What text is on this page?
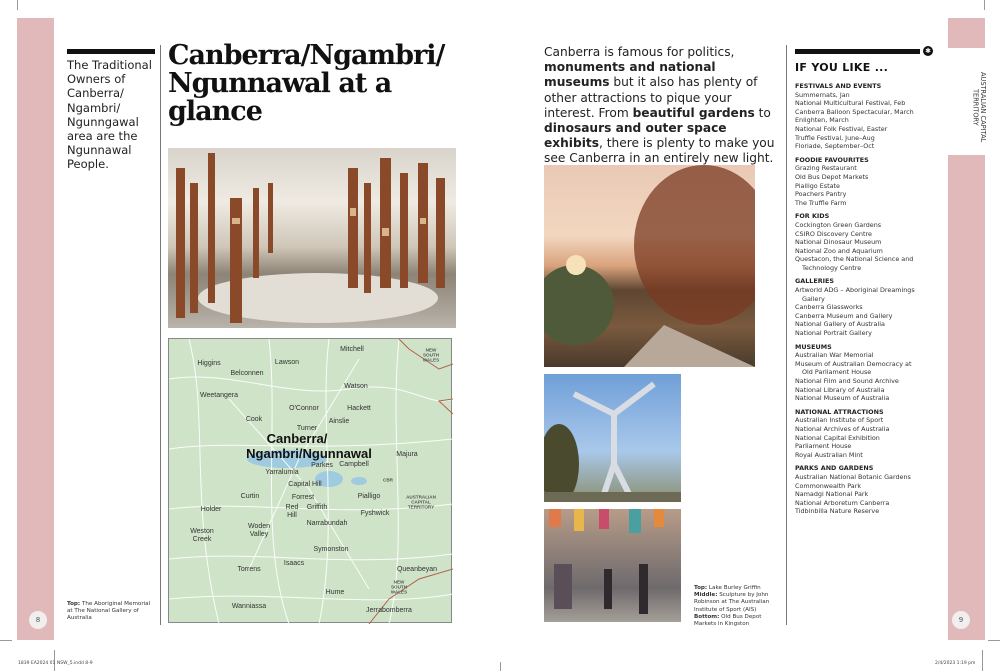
AUSTRALIAN CAPITAL TERRITORY
8	9
The Traditional Owners of Canberra/ Ngambri/ Ngunngawal area are the Ngunnawal People.
Canberra/Ngambri/ Ngunnawal at a glance
Mitchell	NEW SOUTH WALES
Higgins	Lawson
Belconnen
Watson
Weetangera
O'Connor	Hackett
Cook	Ainslie
Turner
Canberra/
Ngambri/Ngunnawal	Majura
Parkes Campbell
Yarralumla
Capital Hill
CBR
Curtin	Forrest	Pialligo	AUSTRALIAN CAPITAL TERRITORY
Holder	Red Hill
Griffith
Fyshwick
Narrabundah
Weston Creek
Woden Valley
Symonston
Isaacs
Torrens	Queanbeyan
NEW SOUTH WALES
Hume
Wanniassa
Jerrabomberra
Top: The Aboriginal Memorial at The National Gallery of Australia
Canberra is famous for politics, monuments and national museums but it also has plenty of other attractions to pique your interest. From beautiful gardens to dinosaurs and outer space exhibits, there is plenty to make you see Canberra in an entirely new light.
Top: Lake Burley Griffin Middle: Sculpture by John Robinson at The Australian Institute of Sport (AIS) Bottom: Old Bus Depot Markets in Kingston
✱
IF YOU LIKE ...
FESTIVALS AND EVENTS
Summernats, Jan
National Multicultural Festival, Feb
Canberra Balloon Spectacular, March
Enlighten, March
National Folk Festival, Easter
Truffle Festival, June–Aug
Floriade, September–Oct
FOODIE FAVOURITES
Grazing Restaurant
Old Bus Depot Markets
Pialligo Estate
Poachers Pantry
The Truffle Farm
FOR KIDS
Cockington Green Gardens
CSIRO Discovery Centre
National Dinosaur Museum
National Zoo and Aquarium
Questacon, the National Science and
Technology Centre
GALLERIES
Artworld ADG – Aboriginal Dreamings
Gallery
Canberra Glassworks
Canberra Museum and Gallery
National Gallery of Australia
National Portrait Gallery
MUSEUMS
Australian War Memorial
Museum of Australian Democracy at
Old Parliament House
National Film and Sound Archive
National Library of Australia
National Museum of Australia
NATIONAL ATTRACTIONS
Australian Institute of Sport
National Archives of Australia
National Capital Exhibition
Parliament House
Royal Australian Mint
PARKS AND GARDENS
Australian National Botanic Gardens
Commonwealth Park
Namadgi National Park
National Arboretum Canberra
Tidbinbilla Nature Reserve
1839 EA2024 01 NSW_5.indd 8-9	2/4/2023 1:19 pm
